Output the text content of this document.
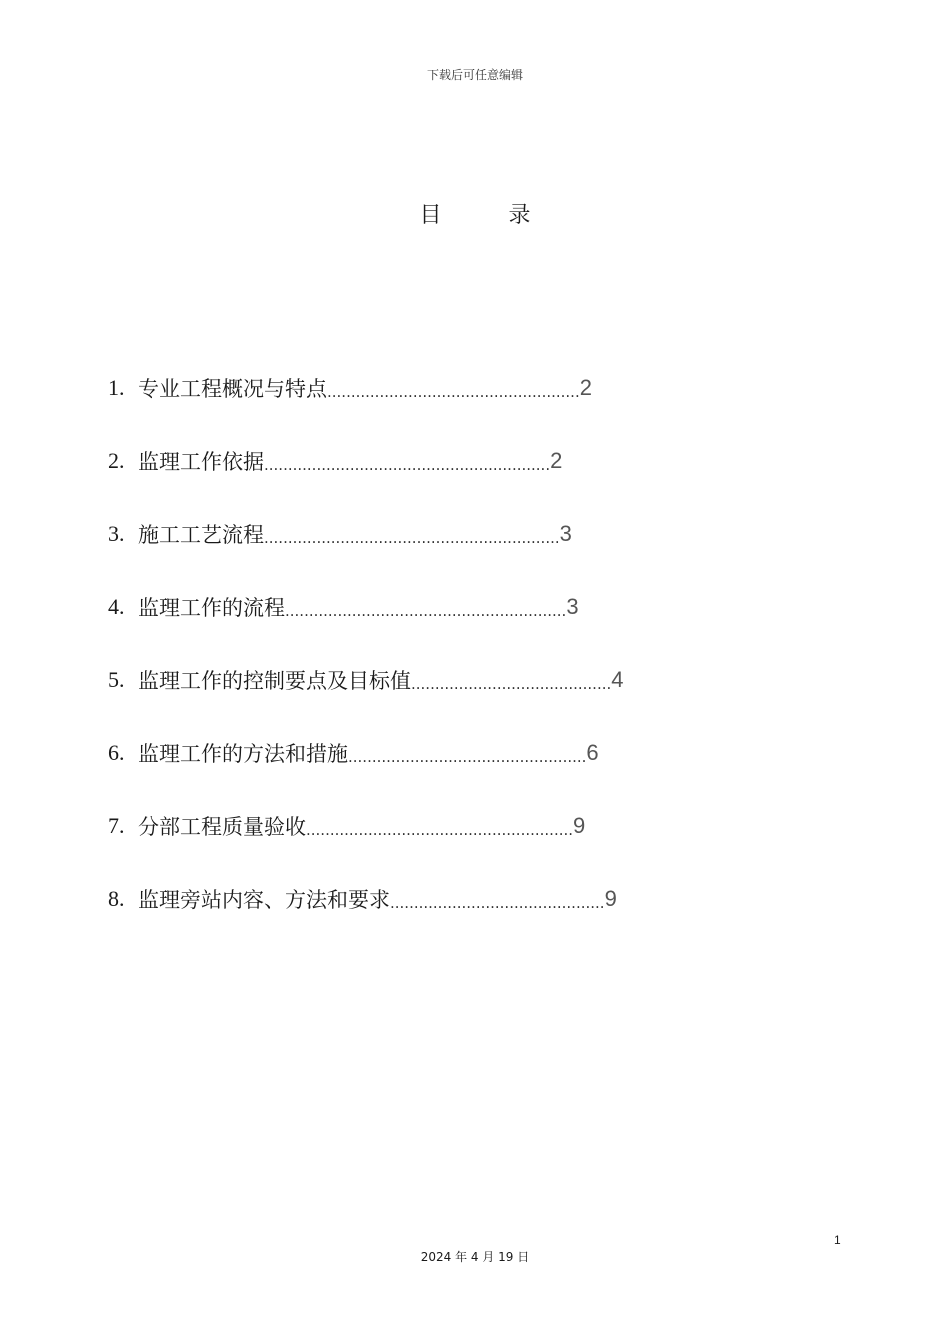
下载后可任意编辑
目 录
1. 专业工程概况与特点 ..................................................... 2
2. 监理工作依据 ............................................................ 2
3. 施工工艺流程 .............................................................. 3
4. 监理工作的流程 ........................................................... 3
5. 监理工作的控制要点及目标值 .......................................... 4
6. 监理工作的方法和措施 .................................................. 6
7. 分部工程质量验收 ........................................................ 9
8. 监理旁站内容、方法和要求 ............................................. 9
1
2024 年 4 月 19 日
